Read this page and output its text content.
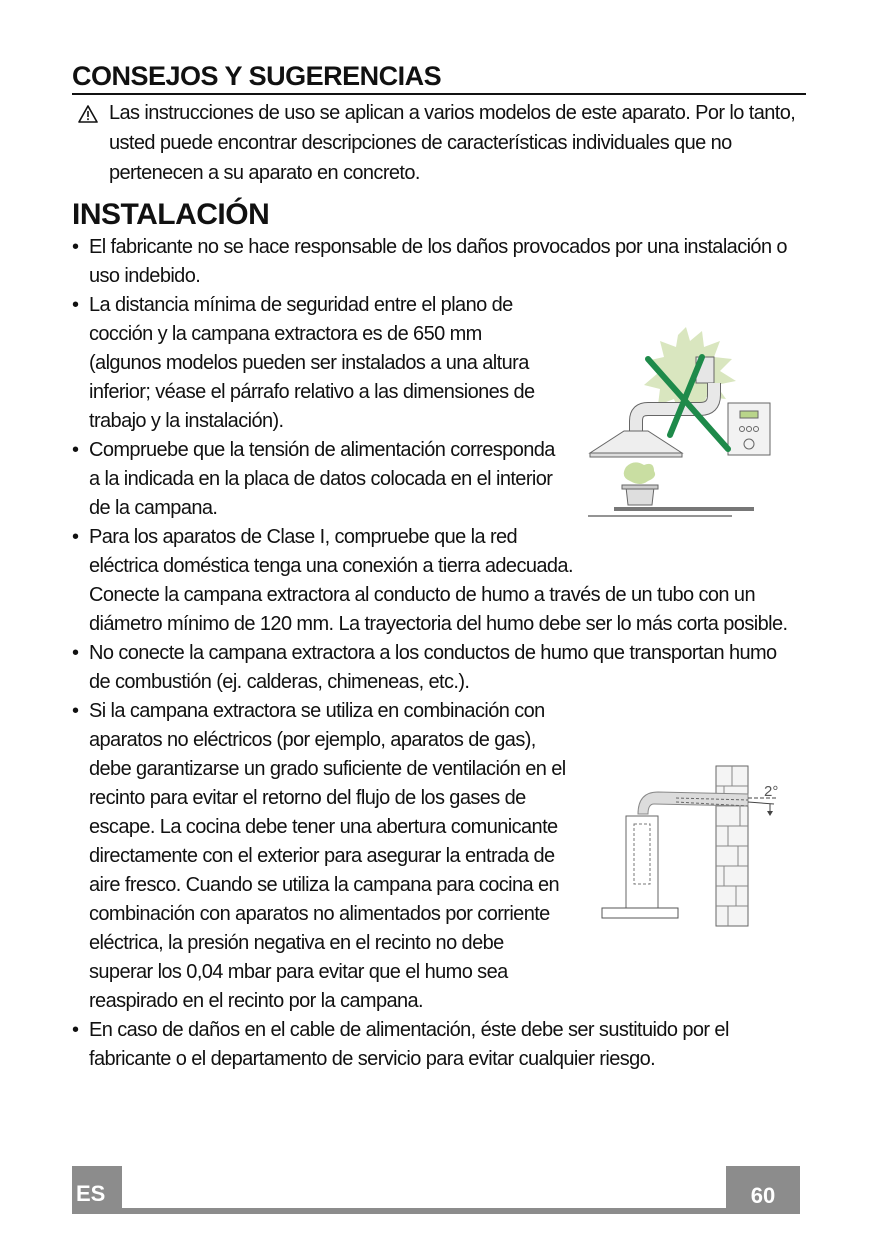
CONSEJOS Y SUGERENCIAS
Las instrucciones de uso se aplican a varios modelos de este aparato. Por lo tanto, usted puede encontrar descripciones de características individuales que no pertenecen a su aparato en concreto.
INSTALACIÓN
• El fabricante no se hace responsable de los daños provocados por una instalación o uso indebido.
• La distancia mínima de seguridad entre el plano de cocción y la campana extractora es de 650 mm (algunos modelos pueden ser instalados a una altura inferior; véase el párrafo relativo a las dimensiones de trabajo y la instalación).
• Compruebe que la tensión de alimentación corresponda a la indicada en la placa de datos colocada en el interior de la campana.
• Para los aparatos de Clase I, compruebe que la red eléctrica doméstica tenga una conexión a tierra adecuada.
Conecte la campana extractora al conducto de humo a través de un tubo con un diámetro mínimo de 120 mm. La trayectoria del humo debe ser lo más corta posible.
• No conecte la campana extractora a los conductos de humo que transportan humo de combustión (ej. calderas, chimeneas, etc.).
• Si la campana extractora se utiliza en combinación con aparatos no eléctricos (por ejemplo, aparatos de gas), debe garantizarse un grado suficiente de ventilación en el recinto para evitar el retorno del flujo de los gases de escape. La cocina debe tener una abertura comunicante directamente con el exterior para asegurar la entrada de aire fresco. Cuando se utiliza la campana para cocina en combinación con aparatos no alimentados por corriente eléctrica, la presión negativa en el recinto no debe superar los 0,04 mbar para evitar que el humo sea reaspirado en el recinto por la campana.
• En caso de daños en el cable de alimentación, éste debe ser sustituido por el fabricante o el departamento de servicio para evitar cualquier riesgo.
2°
ES	60
